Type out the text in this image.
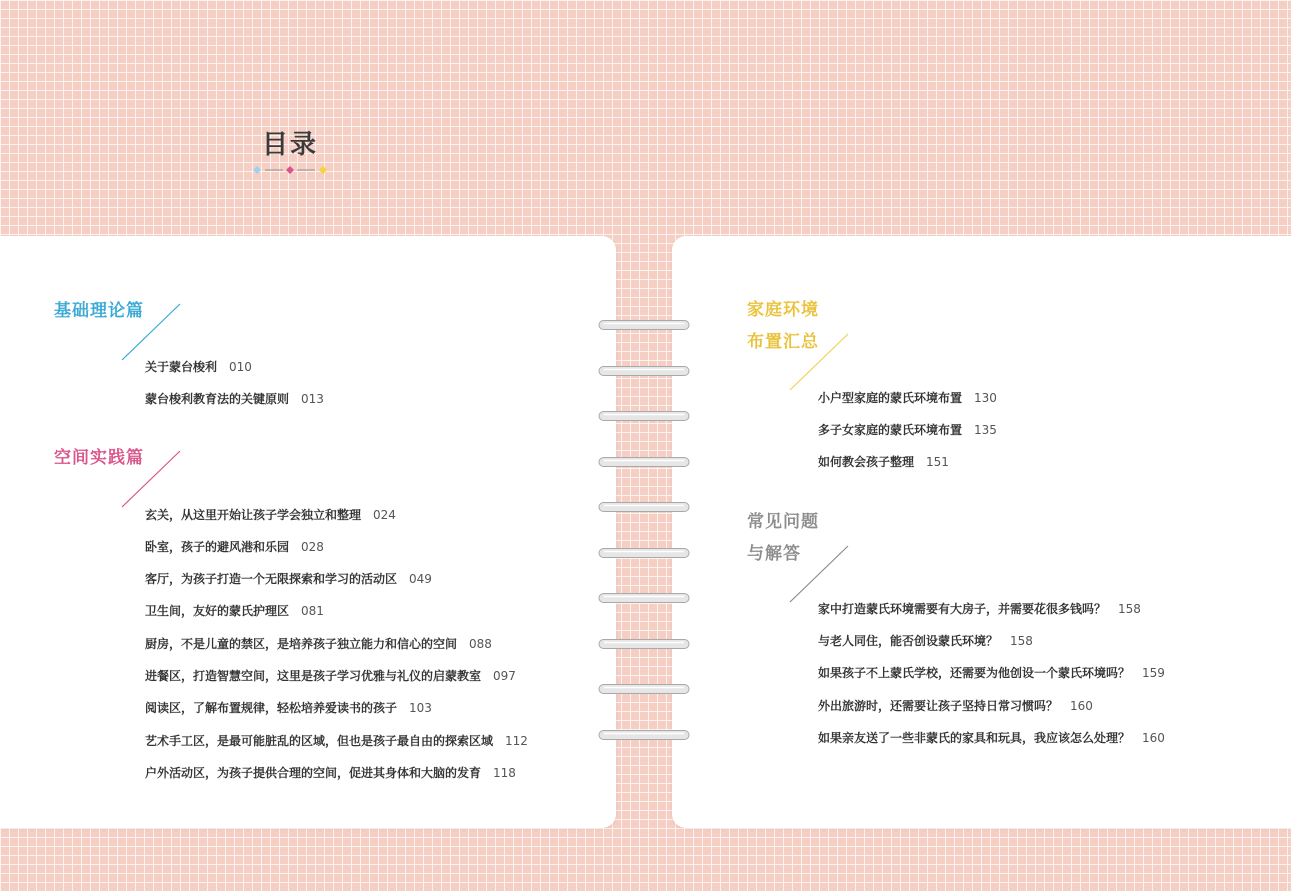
目录
基础理论篇
关于蒙台梭利 010
蒙台梭利教育法的关键原则 013
空间实践篇
玄关，从这里开始让孩子学会独立和整理 024
卧室，孩子的避风港和乐园 028
客厅，为孩子打造一个无限探索和学习的活动区 049
卫生间，友好的蒙氏护理区 081
厨房，不是儿童的禁区，是培养孩子独立能力和信心的空间 088
进餐区，打造智慧空间，这里是孩子学习优雅与礼仪的启蒙教室 097
阅读区，了解布置规律，轻松培养爱读书的孩子 103
艺术手工区，是最可能脏乱的区域，但也是孩子最自由的探索区域 112
户外活动区，为孩子提供合理的空间，促进其身体和大脑的发育 118
家庭环境
布置汇总
小户型家庭的蒙氏环境布置 130
多子女家庭的蒙氏环境布置 135
如何教会孩子整理 151
常见问题
与解答
家中打造蒙氏环境需要有大房子，并需要花很多钱吗？ 158
与老人同住，能否创设蒙氏环境？ 158
如果孩子不上蒙氏学校，还需要为他创设一个蒙氏环境吗？ 159
外出旅游时，还需要让孩子坚持日常习惯吗？ 160
如果亲友送了一些非蒙氏的家具和玩具，我应该怎么处理？ 160
